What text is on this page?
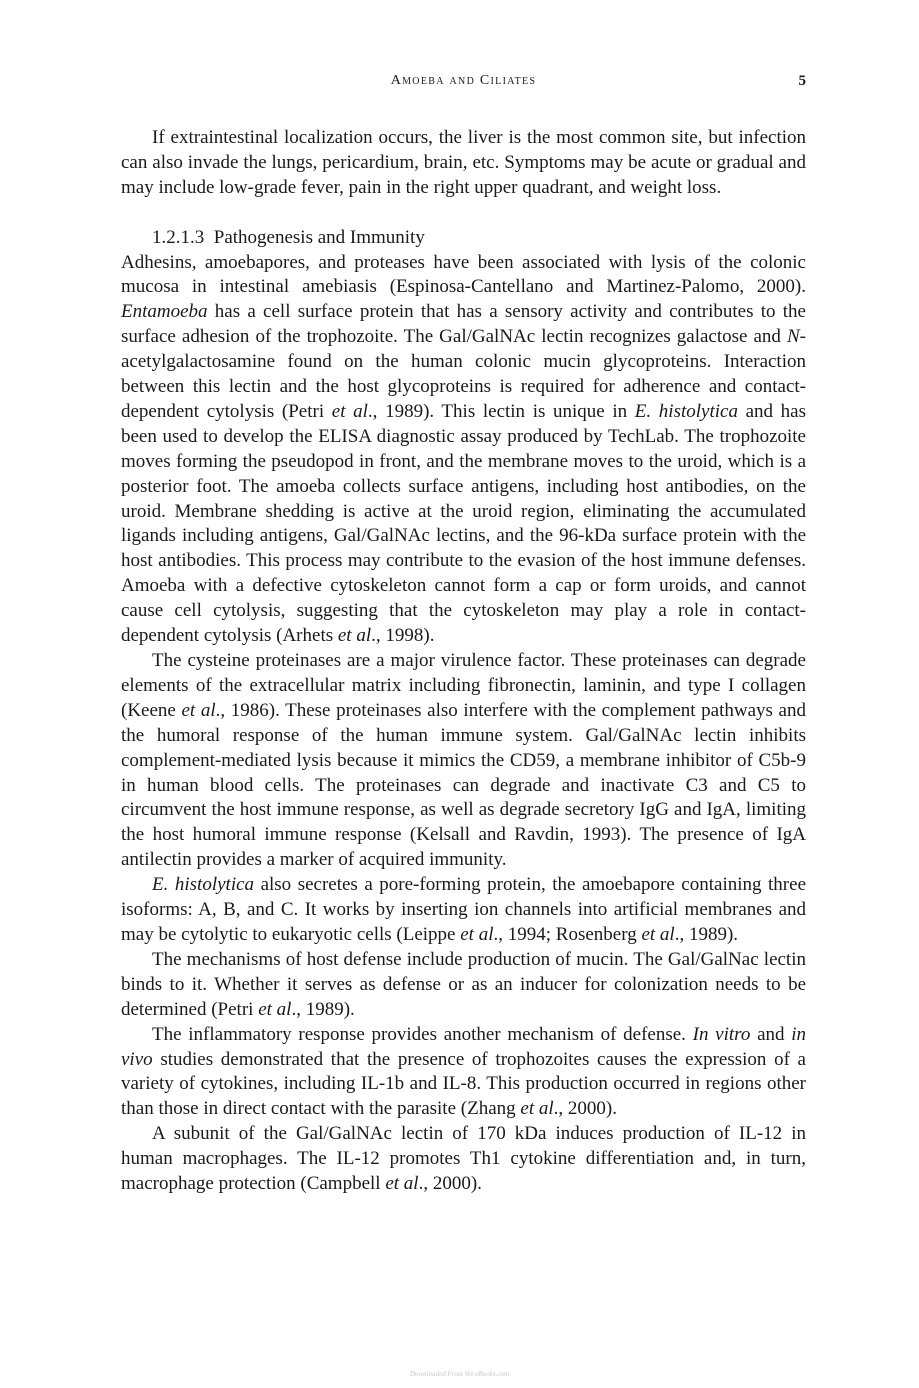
Amoeba and Ciliates	5

If extraintestinal localization occurs, the liver is the most common site, but infection can also invade the lungs, pericardium, brain, etc. Symptoms may be acute or gradual and may include low-grade fever, pain in the right upper quadrant, and weight loss.

1.2.1.3 Pathogenesis and Immunity

Adhesins, amoebapores, and proteases have been associated with lysis of the colonic mucosa in intestinal amebiasis (Espinosa-Cantellano and Martinez-Palomo, 2000). Entamoeba has a cell surface protein that has a sensory activity and contributes to the surface adhesion of the trophozoite. The Gal/GalNAc lectin recognizes galactose and N-acetylgalactosamine found on the human colonic mucin glycoproteins. Interaction between this lectin and the host glycoproteins is required for adherence and contact-dependent cytolysis (Petri et al., 1989). This lectin is unique in E. histolytica and has been used to develop the ELISA diagnostic assay produced by TechLab. The trophozoite moves forming the pseudopod in front, and the membrane moves to the uroid, which is a posterior foot. The amoeba collects surface antigens, including host antibodies, on the uroid. Membrane shedding is active at the uroid region, eliminating the accumulated ligands including antigens, Gal/GalNAc lectins, and the 96-kDa surface protein with the host antibodies. This process may contribute to the evasion of the host immune defenses. Amoeba with a defective cytoskeleton cannot form a cap or form uroids, and cannot cause cell cytolysis, suggesting that the cytoskeleton may play a role in contact-dependent cytolysis (Arhets et al., 1998).

The cysteine proteinases are a major virulence factor. These proteinases can degrade elements of the extracellular matrix including fibronectin, laminin, and type I collagen (Keene et al., 1986). These proteinases also interfere with the complement pathways and the humoral response of the human immune system. Gal/GalNAc lectin inhibits complement-mediated lysis because it mimics the CD59, a membrane inhibitor of C5b-9 in human blood cells. The proteinases can degrade and inactivate C3 and C5 to circumvent the host immune response, as well as degrade secretory IgG and IgA, limiting the host humoral immune response (Kelsall and Ravdin, 1993). The presence of IgA antilectin provides a marker of acquired immunity.

E. histolytica also secretes a pore-forming protein, the amoebapore containing three isoforms: A, B, and C. It works by inserting ion channels into artificial membranes and may be cytolytic to eukaryotic cells (Leippe et al., 1994; Rosenberg et al., 1989).

The mechanisms of host defense include production of mucin. The Gal/GalNac lectin binds to it. Whether it serves as defense or as an inducer for colonization needs to be determined (Petri et al., 1989).

The inflammatory response provides another mechanism of defense. In vitro and in vivo studies demonstrated that the presence of trophozoites causes the expression of a variety of cytokines, including IL-1b and IL-8. This production occurred in regions other than those in direct contact with the parasite (Zhang et al., 2000).

A subunit of the Gal/GalNAc lectin of 170 kDa induces production of IL-12 in human macrophages. The IL-12 promotes Th1 cytokine differentiation and, in turn, macrophage protection (Campbell et al., 2000).

Downloaded From Vet-eBooks.com
